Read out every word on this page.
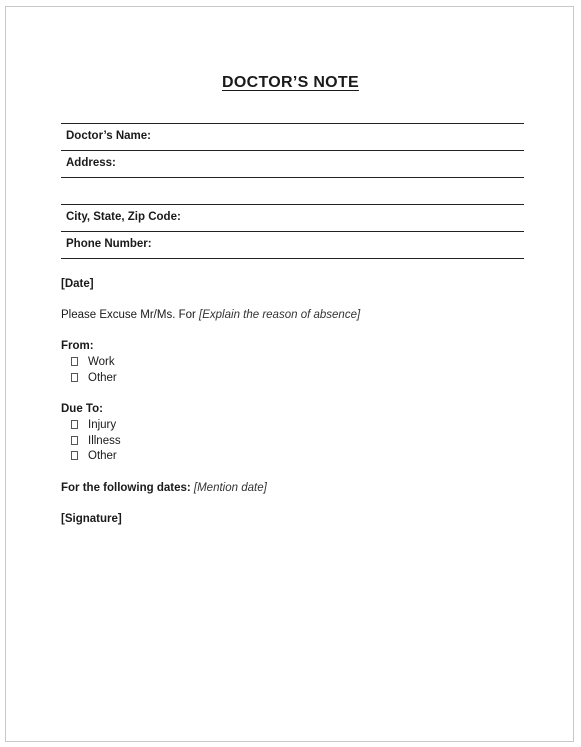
DOCTOR’S NOTE
Doctor’s Name:
Address:
City, State, Zip Code:
Phone Number:
[Date]
Please Excuse Mr/Ms. For [Explain the reason of absence]
From:
Work
Other
Due To:
Injury
Illness
Other
For the following dates: [Mention date]
[Signature]
